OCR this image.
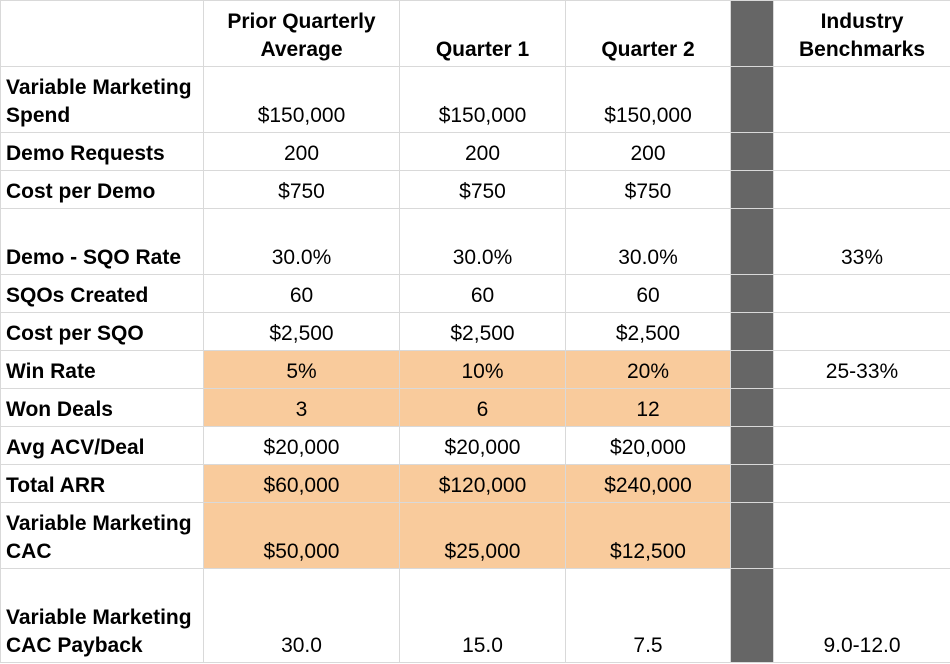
	Prior Quarterly Average	Quarter 1	Quarter 2		Industry Benchmarks
Variable Marketing Spend	$150,000	$150,000	$150,000		
Demo Requests	200	200	200		
Cost per Demo	$750	$750	$750		
Demo - SQO Rate	30.0%	30.0%	30.0%		33%
SQOs Created	60	60	60		
Cost per SQO	$2,500	$2,500	$2,500		
Win Rate	5%	10%	20%		25-33%
Won Deals	3	6	12		
Avg ACV/Deal	$20,000	$20,000	$20,000		
Total ARR	$60,000	$120,000	$240,000		
Variable Marketing CAC	$50,000	$25,000	$12,500		
Variable Marketing CAC Payback	30.0	15.0	7.5		9.0-12.0
